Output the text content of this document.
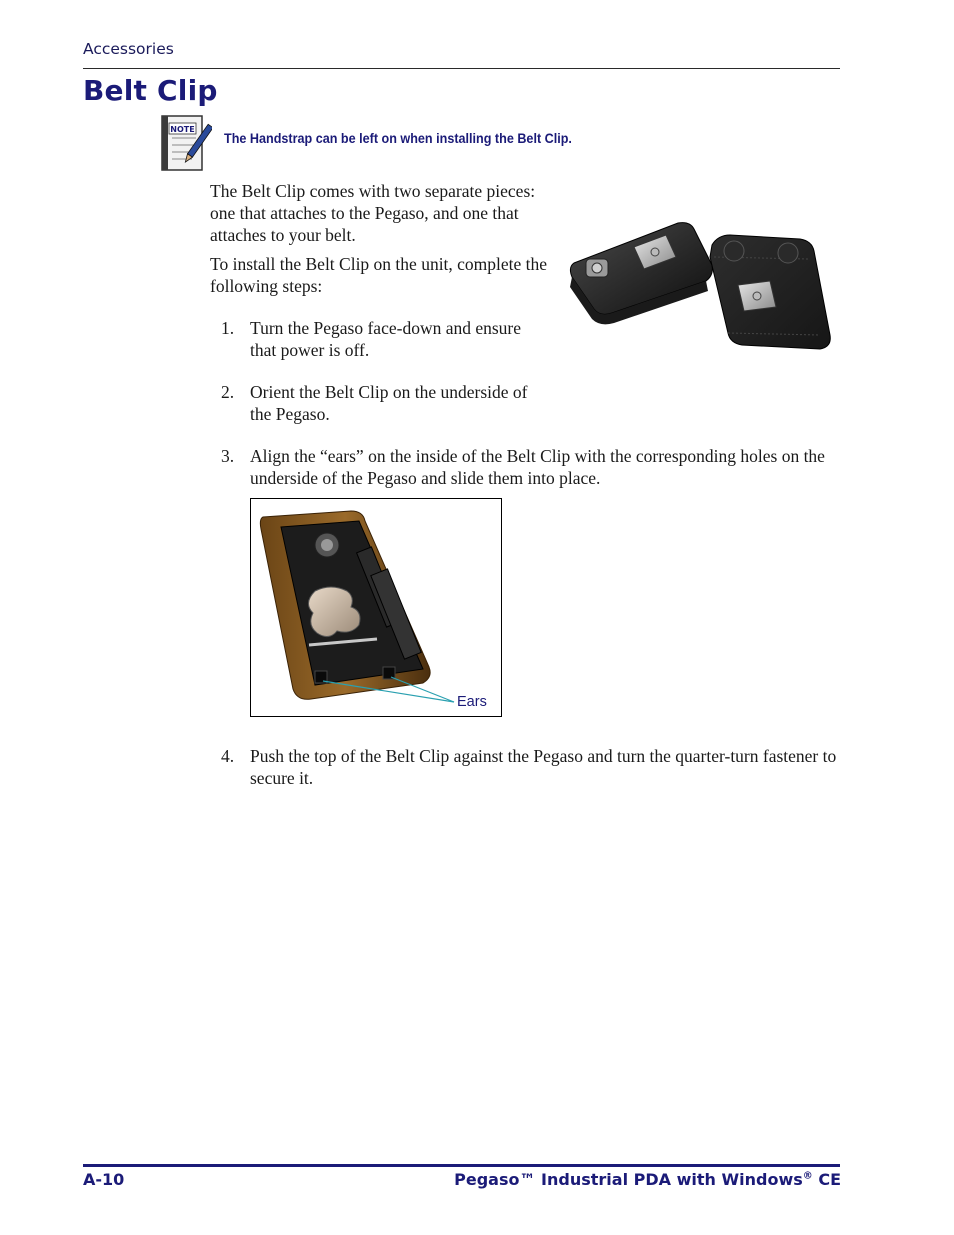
Accessories
Belt Clip
NOTE
The Handstrap can be left on when installing the Belt Clip.
The Belt Clip comes with two separate pieces: one that attaches to the Pegaso, and one that attaches to your belt.
To install the Belt Clip on the unit, complete the following steps:
1. Turn the Pegaso face-down and ensure that power is off.
2. Orient the Belt Clip on the underside of the Pegaso.
3. Align the “ears” on the inside of the Belt Clip with the corresponding holes on the underside of the Pegaso and slide them into place.
4. Push the top of the Belt Clip against the Pegaso and turn the quarter-turn fastener to secure it.
Ears
A-10	Pegaso™ Industrial PDA with Windows® CE
